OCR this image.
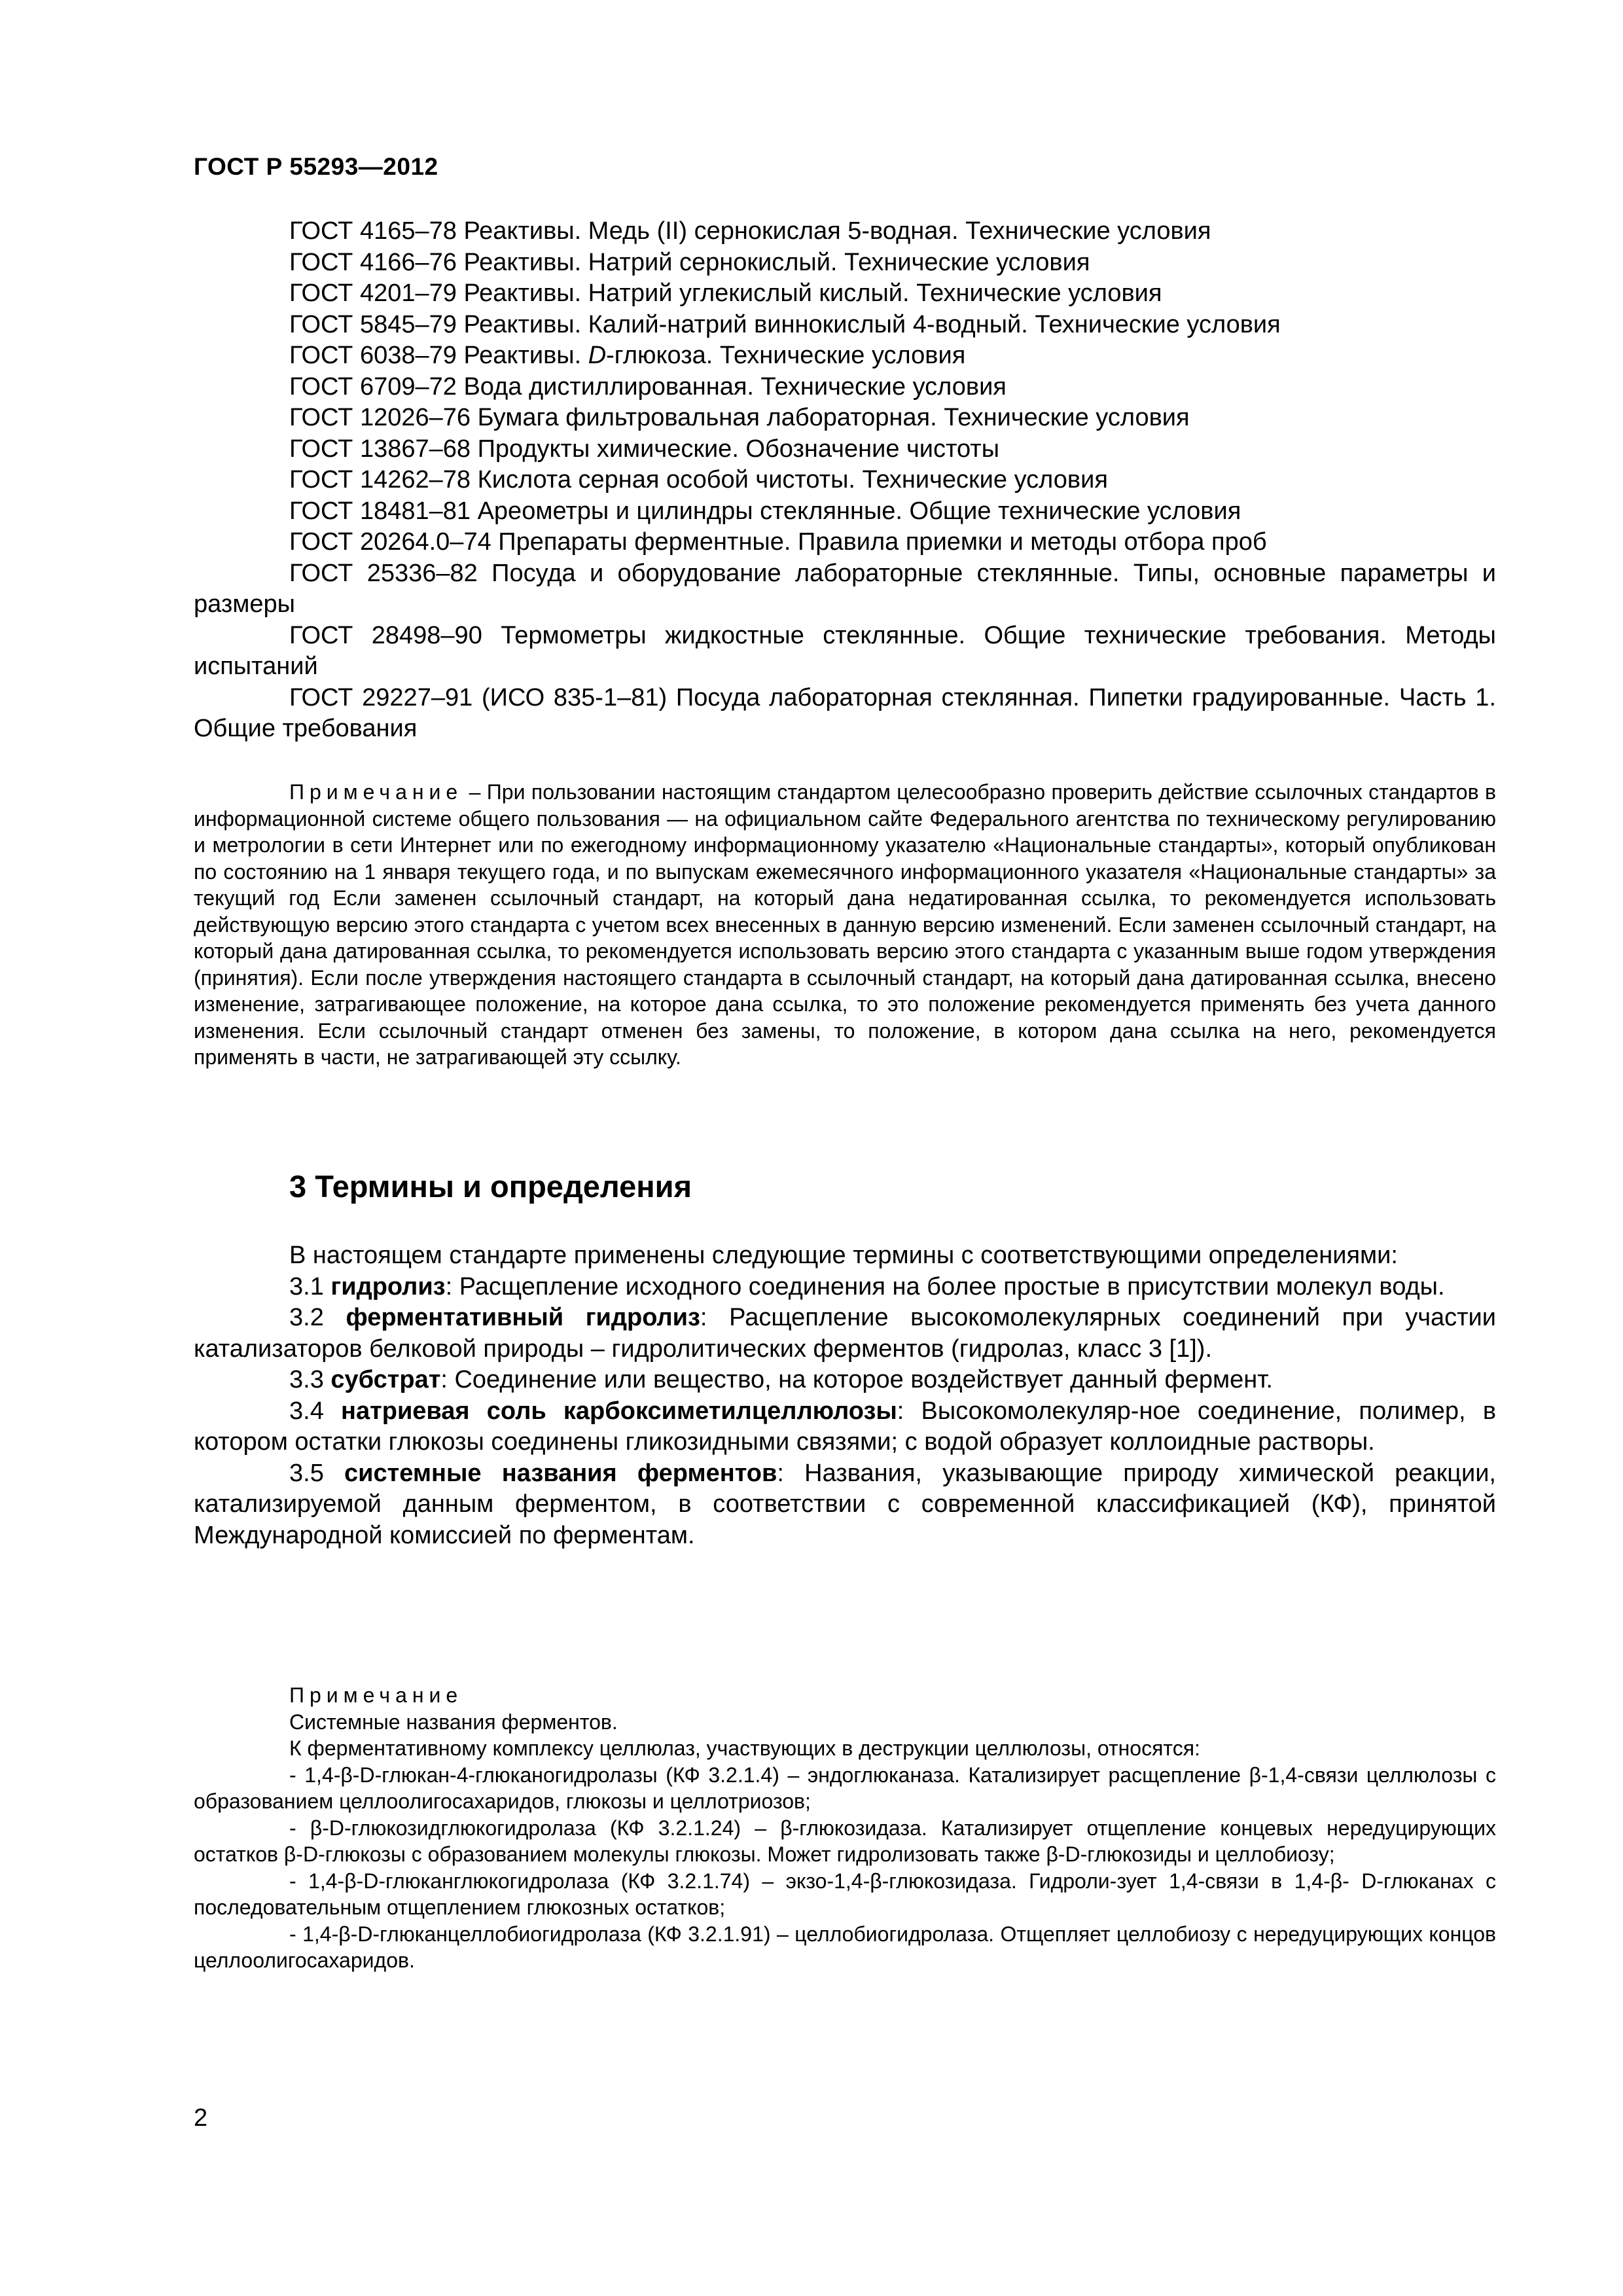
ГОСТ Р 55293—2012

ГОСТ 4165–78 Реактивы. Медь (II) сернокислая 5-водная. Технические условия

ГОСТ 4166–76 Реактивы. Натрий сернокислый. Технические условия

ГОСТ 4201–79 Реактивы. Натрий углекислый кислый. Технические условия

ГОСТ 5845–79 Реактивы. Калий-натрий виннокислый 4-водный. Технические условия

ГОСТ 6038–79 Реактивы. D-глюкоза. Технические условия

ГОСТ 6709–72 Вода дистиллированная. Технические условия

ГОСТ 12026–76 Бумага фильтровальная лабораторная. Технические условия

ГОСТ 13867–68 Продукты химические. Обозначение чистоты

ГОСТ 14262–78 Кислота серная особой чистоты. Технические условия

ГОСТ 18481–81 Ареометры и цилиндры стеклянные. Общие технические условия

ГОСТ 20264.0–74 Препараты ферментные. Правила приемки и методы отбора проб

ГОСТ 25336–82 Посуда и оборудование лабораторные стеклянные. Типы, основные параметры и размеры

ГОСТ 28498–90 Термометры жидкостные стеклянные. Общие технические требования. Методы испытаний

ГОСТ 29227–91 (ИСО 835-1–81) Посуда лабораторная стеклянная. Пипетки градуированные. Часть 1. Общие требования

Примечание – При пользовании настоящим стандартом целесообразно проверить действие ссылочных стандартов в информационной системе общего пользования — на официальном сайте Федерального агентства по техническому регулированию и метрологии в сети Интернет или по ежегодному информационному указателю «Национальные стандарты», который опубликован по состоянию на 1 января текущего года, и по выпускам ежемесячного информационного указателя «Национальные стандарты» за текущий год Если заменен ссылочный стандарт, на который дана недатированная ссылка, то рекомендуется использовать действующую версию этого стандарта с учетом всех внесенных в данную версию изменений. Если заменен ссылочный стандарт, на который дана датированная ссылка, то рекомендуется использовать версию этого стандарта с указанным выше годом утверждения (принятия). Если после утверждения настоящего стандарта в ссылочный стандарт, на который дана датированная ссылка, внесено изменение, затрагивающее положение, на которое дана ссылка, то это положение рекомендуется применять без учета данного изменения. Если ссылочный стандарт отменен без замены, то положение, в котором дана ссылка на него, рекомендуется применять в части, не затрагивающей эту ссылку.

3 Термины и определения

В настоящем стандарте применены следующие термины с соответствующими определениями:

3.1 гидролиз: Расщепление исходного соединения на более простые в присутствии молекул воды.

3.2 ферментативный гидролиз: Расщепление высокомолекулярных соединений при участии катализаторов белковой природы – гидролитических ферментов (гидролаз, класс 3 [1]).

3.3 субстрат: Соединение или вещество, на которое воздействует данный фермент.

3.4 натриевая соль карбоксиметилцеллюлозы: Высокомолекуляр-ное соединение, полимер, в котором остатки глюкозы соединены гликозидными связями; с водой образует коллоидные растворы.

3.5 системные названия ферментов: Названия, указывающие природу химической реакции, катализируемой данным ферментом, в соответствии с современной классификацией (КФ), принятой Международной комиссией по ферментам.

Примечание

Системные названия ферментов.

К ферментативному комплексу целлюлаз, участвующих в деструкции целлюлозы, относятся:

- 1,4-β-D-глюкан-4-глюканогидролазы (КФ 3.2.1.4) – эндоглюканаза. Катализирует расщепление β-1,4-связи целлюлозы с образованием целлоолигосахаридов, глюкозы и целлотриозов;

- β-D-глюкозидглюкогидролаза (КФ 3.2.1.24) – β-глюкозидаза. Катализирует отщепление концевых нередуцирующих остатков β-D-глюкозы с образованием молекулы глюкозы. Может гидролизовать также β-D-глюкозиды и целлобиозу;

- 1,4-β-D-глюканглюкогидролаза (КФ 3.2.1.74) – экзо-1,4-β-глюкозидаза. Гидроли-зует 1,4-связи в 1,4-β- D-глюканах с последовательным отщеплением глюкозных остатков;

- 1,4-β-D-глюканцеллобиогидролаза (КФ 3.2.1.91) – целлобиогидролаза. Отщепляет целлобиозу с нередуцирующих концов целлоолигосахаридов.

2
